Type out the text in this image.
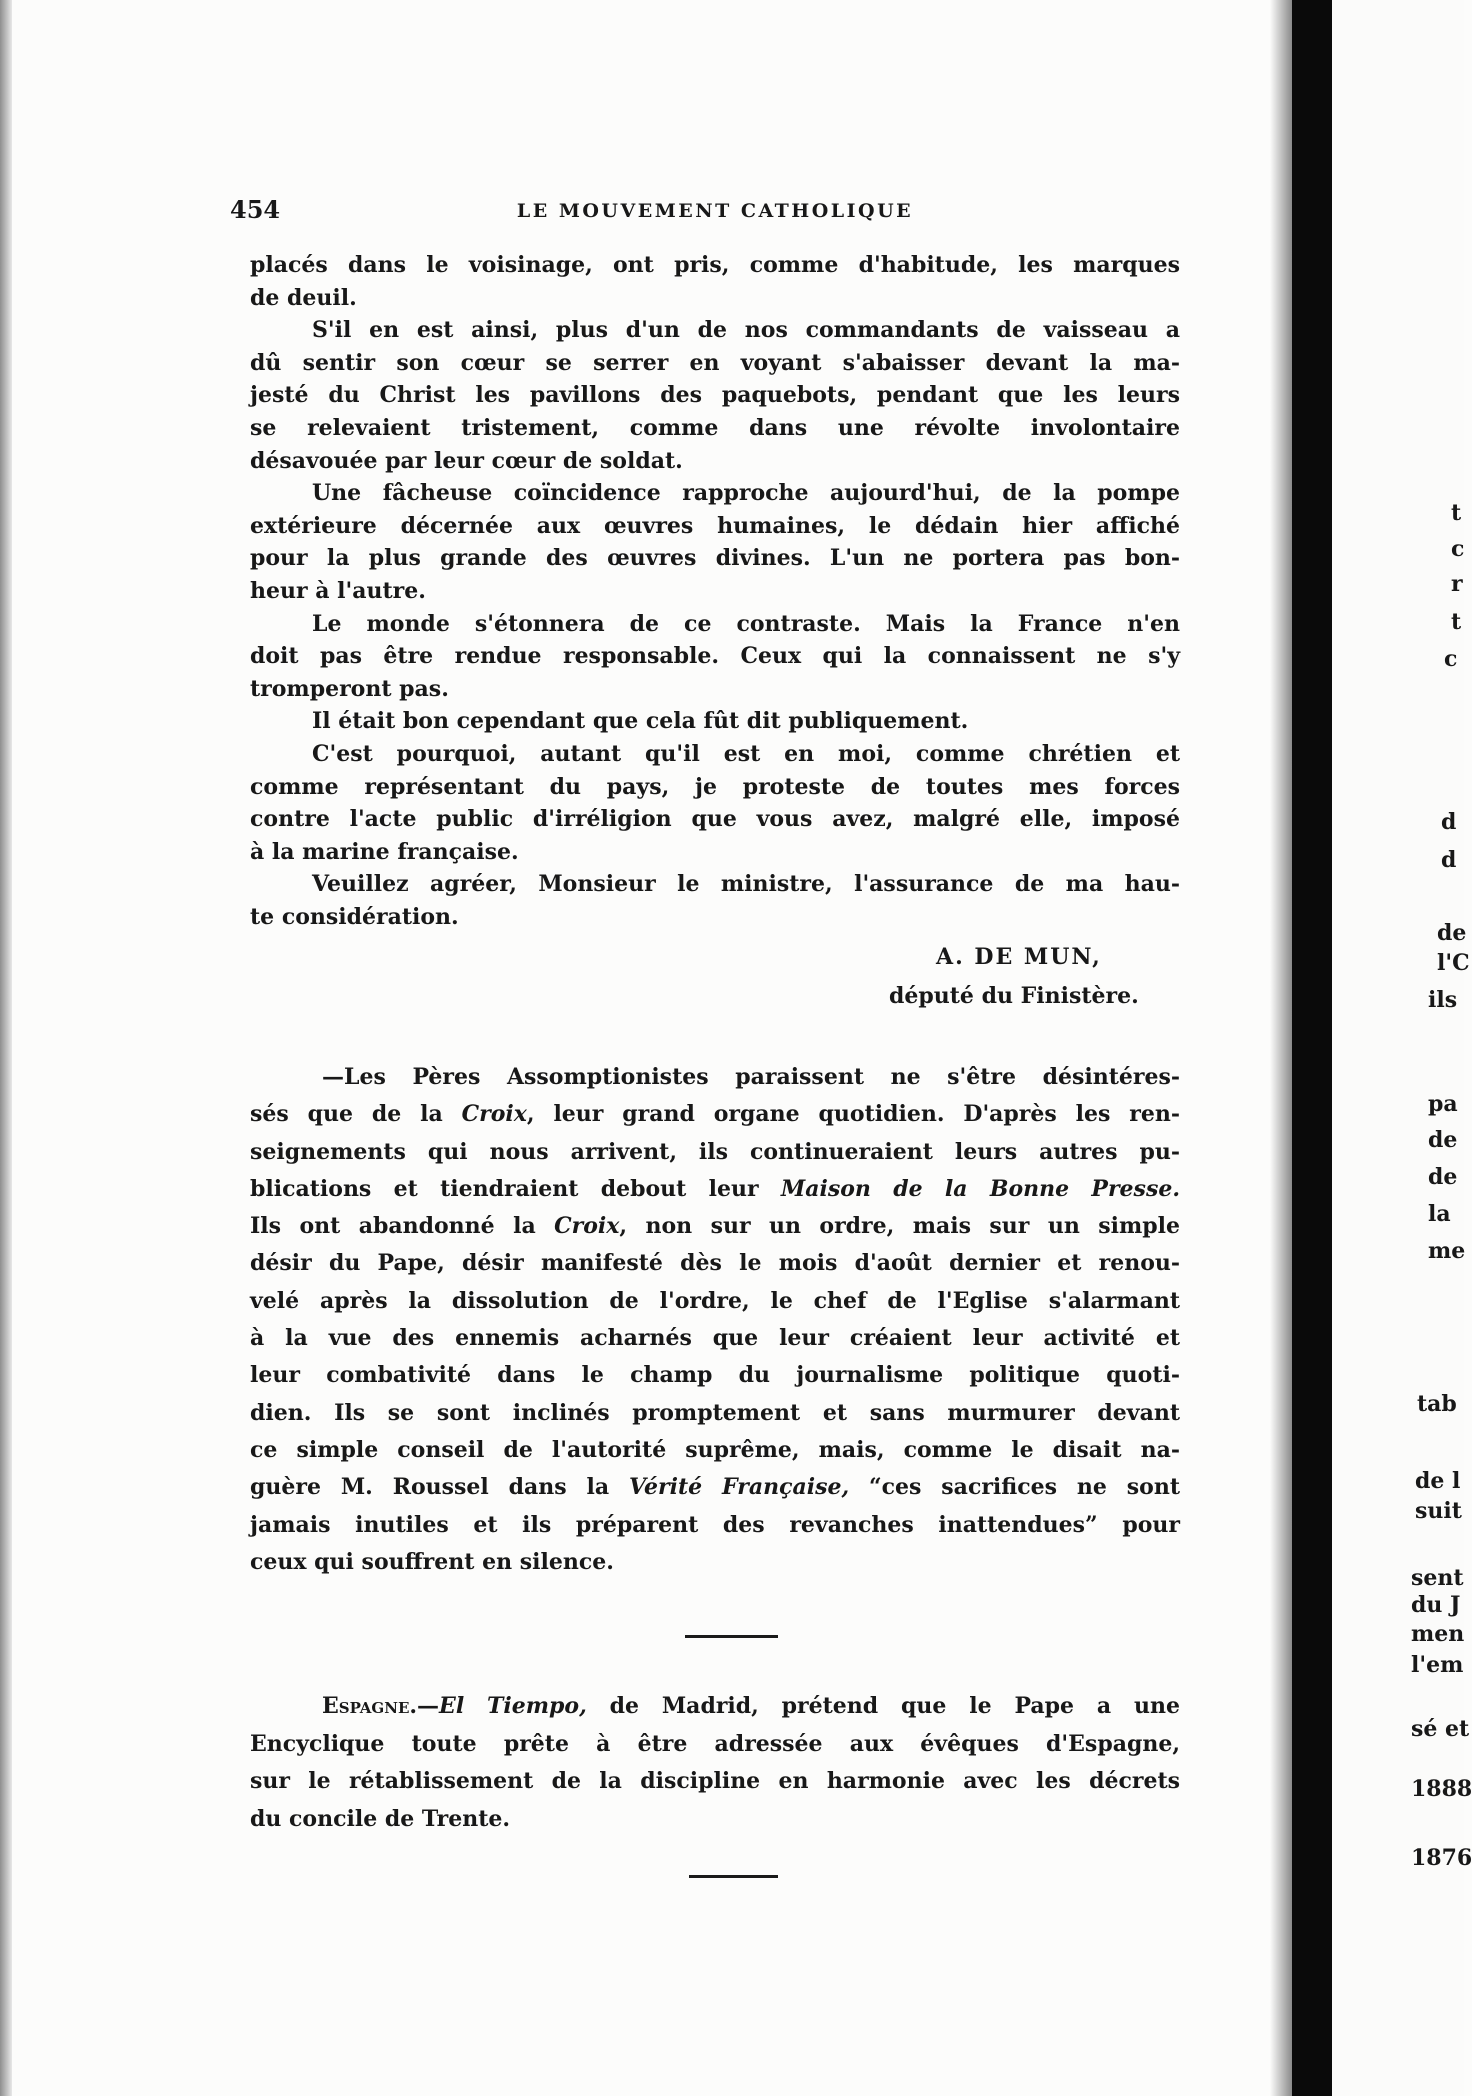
454	LE MOUVEMENT CATHOLIQUE
placés dans le voisinage, ont pris, comme d'habitude, les marques
de deuil.
S'il en est ainsi, plus d'un de nos commandants de vaisseau a
dû sentir son cœur se serrer en voyant s'abaisser devant la ma-
jesté du Christ les pavillons des paquebots, pendant que les leurs
se relevaient tristement, comme dans une révolte involontaire
désavouée par leur cœur de soldat.
Une fâcheuse coïncidence rapproche aujourd'hui, de la pompe
extérieure décernée aux œuvres humaines, le dédain hier affiché
pour la plus grande des œuvres divines. L'un ne portera pas bon-
heur à l'autre.
Le monde s'étonnera de ce contraste. Mais la France n'en
doit pas être rendue responsable. Ceux qui la connaissent ne s'y
tromperont pas.
Il était bon cependant que cela fût dit publiquement.
C'est pourquoi, autant qu'il est en moi, comme chrétien et
comme représentant du pays, je proteste de toutes mes forces
contre l'acte public d'irréligion que vous avez, malgré elle, imposé
à la marine française.
Veuillez agréer, Monsieur le ministre, l'assurance de ma hau-
te considération.
A. DE MUN,
député du Finistère.
—Les Pères Assomptionistes paraissent ne s'être désintéres-
sés que de la Croix, leur grand organe quotidien. D'après les ren-
seignements qui nous arrivent, ils continueraient leurs autres pu-
blications et tiendraient debout leur Maison de la Bonne Presse.
Ils ont abandonné la Croix, non sur un ordre, mais sur un simple
désir du Pape, désir manifesté dès le mois d'août dernier et renou-
velé après la dissolution de l'ordre, le chef de l'Eglise s'alarmant
à la vue des ennemis acharnés que leur créaient leur activité et
leur combativité dans le champ du journalisme politique quoti-
dien. Ils se sont inclinés promptement et sans murmurer devant
ce simple conseil de l'autorité suprême, mais, comme le disait na-
guère M. Roussel dans la Vérité Française, “ces sacrifices ne sont
jamais inutiles et ils préparent des revanches inattendues” pour
ceux qui souffrent en silence.
Espagne.—El Tiempo, de Madrid, prétend que le Pape a une
Encyclique toute prête à être adressée aux évêques d'Espagne,
sur le rétablissement de la discipline en harmonie avec les décrets
du concile de Trente.
t
c
r
t
c
d
d
de
l'C
ils
pa
de
de
la
me
tab
de l
suit
sent
du J
men
l'em
sé et
1888
1876
